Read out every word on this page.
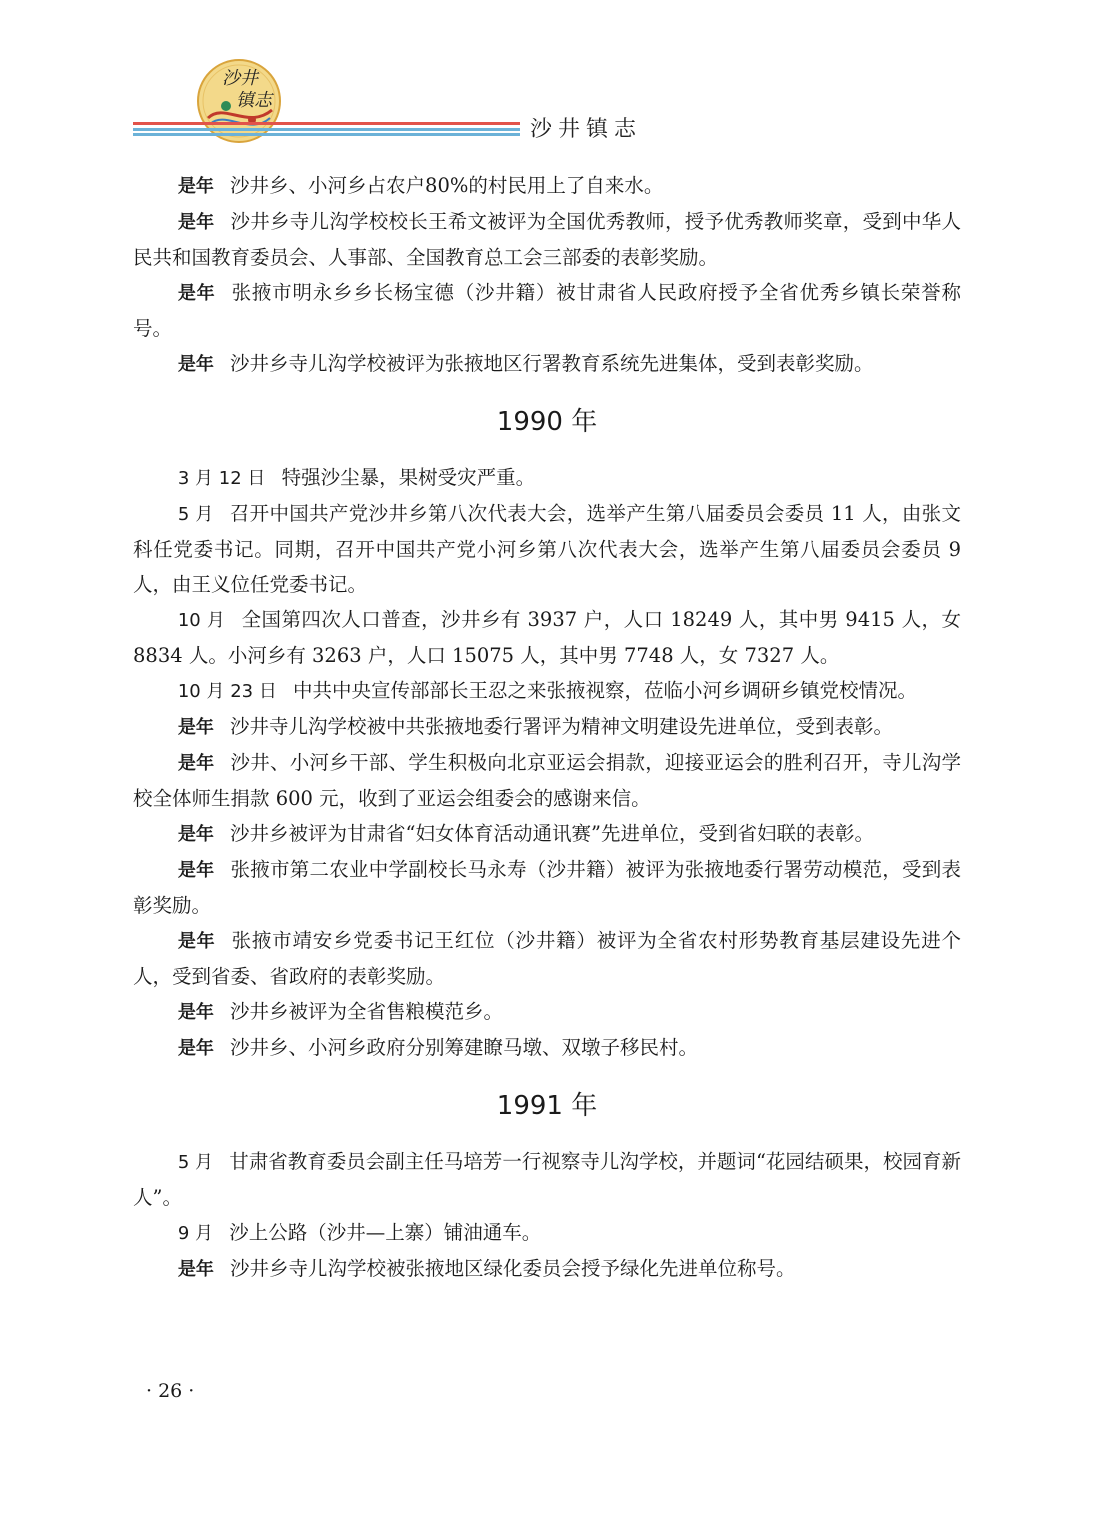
沙井
镇志
沙井镇志

是年 沙井乡、小河乡占农户80%的村民用上了自来水。

是年 沙井乡寺儿沟学校校长王希文被评为全国优秀教师，授予优秀教师奖章，受到中华人民共和国教育委员会、人事部、全国教育总工会三部委的表彰奖励。

是年 张掖市明永乡乡长杨宝德（沙井籍）被甘肃省人民政府授予全省优秀乡镇长荣誉称号。

是年 沙井乡寺儿沟学校被评为张掖地区行署教育系统先进集体，受到表彰奖励。

1990 年

3 月 12 日 特强沙尘暴，果树受灾严重。

5 月 召开中国共产党沙井乡第八次代表大会，选举产生第八届委员会委员 11 人，由张文科任党委书记。同期，召开中国共产党小河乡第八次代表大会，选举产生第八届委员会委员 9 人，由王义位任党委书记。

10 月 全国第四次人口普查，沙井乡有 3937 户，人口 18249 人，其中男 9415 人，女 8834 人。小河乡有 3263 户，人口 15075 人，其中男 7748 人，女 7327 人。

10 月 23 日 中共中央宣传部部长王忍之来张掖视察，莅临小河乡调研乡镇党校情况。

是年 沙井寺儿沟学校被中共张掖地委行署评为精神文明建设先进单位，受到表彰。

是年 沙井、小河乡干部、学生积极向北京亚运会捐款，迎接亚运会的胜利召开，寺儿沟学校全体师生捐款 600 元，收到了亚运会组委会的感谢来信。

是年 沙井乡被评为甘肃省“妇女体育活动通讯赛”先进单位，受到省妇联的表彰。

是年 张掖市第二农业中学副校长马永寿（沙井籍）被评为张掖地委行署劳动模范，受到表彰奖励。

是年 张掖市靖安乡党委书记王红位（沙井籍）被评为全省农村形势教育基层建设先进个人，受到省委、省政府的表彰奖励。

是年 沙井乡被评为全省售粮模范乡。

是年 沙井乡、小河乡政府分别筹建瞭马墩、双墩子移民村。

1991 年

5 月 甘肃省教育委员会副主任马培芳一行视察寺儿沟学校，并题词“花园结硕果，校园育新人”。

9 月 沙上公路（沙井—上寨）铺油通车。

是年 沙井乡寺儿沟学校被张掖地区绿化委员会授予绿化先进单位称号。

· 26 ·
